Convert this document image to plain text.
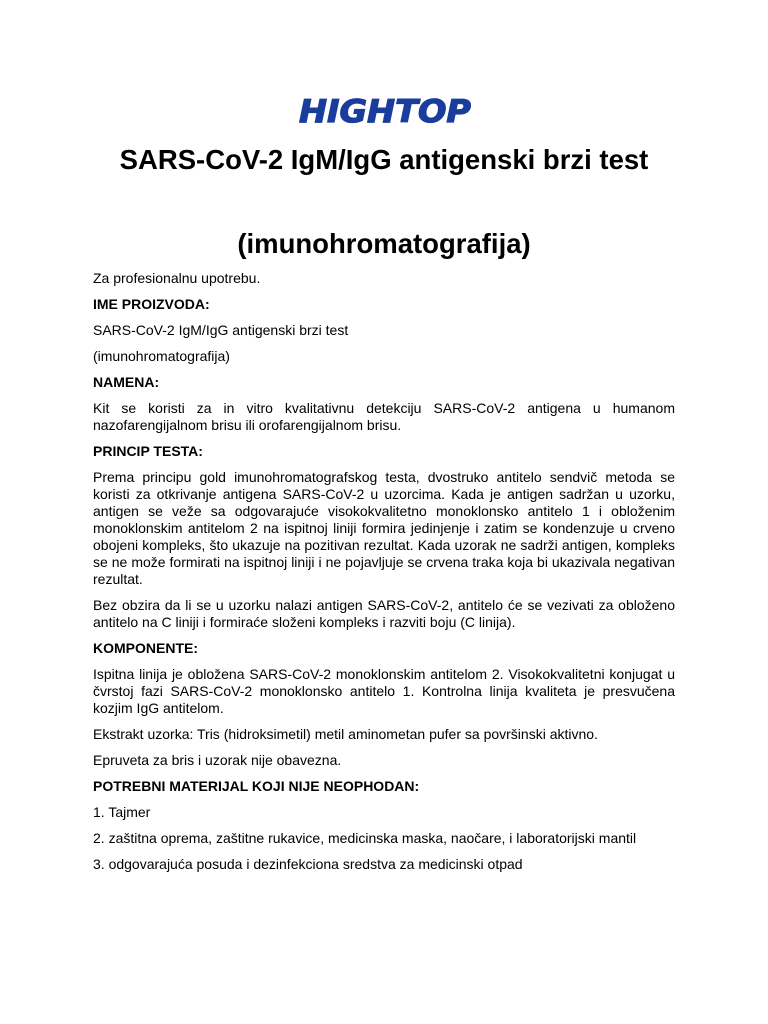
HIGHTOP
SARS-CoV-2 IgM/IgG antigenski brzi test
(imunohromatografija)

Za profesionalnu upotrebu.

IME PROIZVODA:

SARS-CoV-2 IgM/IgG antigenski brzi test

(imunohromatografija)

NAMENA:

Kit se koristi za in vitro kvalitativnu detekciju SARS-CoV-2 antigena u humanom nazofarengijalnom brisu ili orofarengijalnom brisu.

PRINCIP TESTA:

Prema principu gold imunohromatografskog testa, dvostruko antitelo sendvič metoda se koristi za otkrivanje antigena SARS-CoV-2 u uzorcima. Kada je antigen sadržan u uzorku, antigen se veže sa odgovarajuće visokokvalitetno monoklonsko antitelo 1 i obloženim monoklonskim antitelom 2 na ispitnoj liniji formira jedinjenje i zatim se kondenzuje u crveno obojeni kompleks, što ukazuje na pozitivan rezultat. Kada uzorak ne sadrži antigen, kompleks se ne može formirati na ispitnoj liniji i ne pojavljuje se crvena traka koja bi ukazivala negativan rezultat.

Bez obzira da li se u uzorku nalazi antigen SARS-CoV-2, antitelo će se vezivati za obloženo antitelo na C liniji i formiraće složeni kompleks i razviti boju (C linija).

KOMPONENTE:

Ispitna linija je obložena SARS-CoV-2 monoklonskim antitelom 2. Visokokvalitetni konjugat u čvrstoj fazi SARS-CoV-2 monoklonsko antitelo 1. Kontrolna linija kvaliteta je presvučena kozjim IgG antitelom.

Ekstrakt uzorka: Tris (hidroksimetil) metil aminometan pufer sa površinski aktivno.

Epruveta za bris i uzorak nije obavezna.

POTREBNI MATERIJAL KOJI NIJE NEOPHODAN:

1. Tajmer

2. zaštitna oprema, zaštitne rukavice, medicinska maska, naočare, i laboratorijski mantil

3. odgovarajuća posuda i dezinfekciona sredstva za medicinski otpad
